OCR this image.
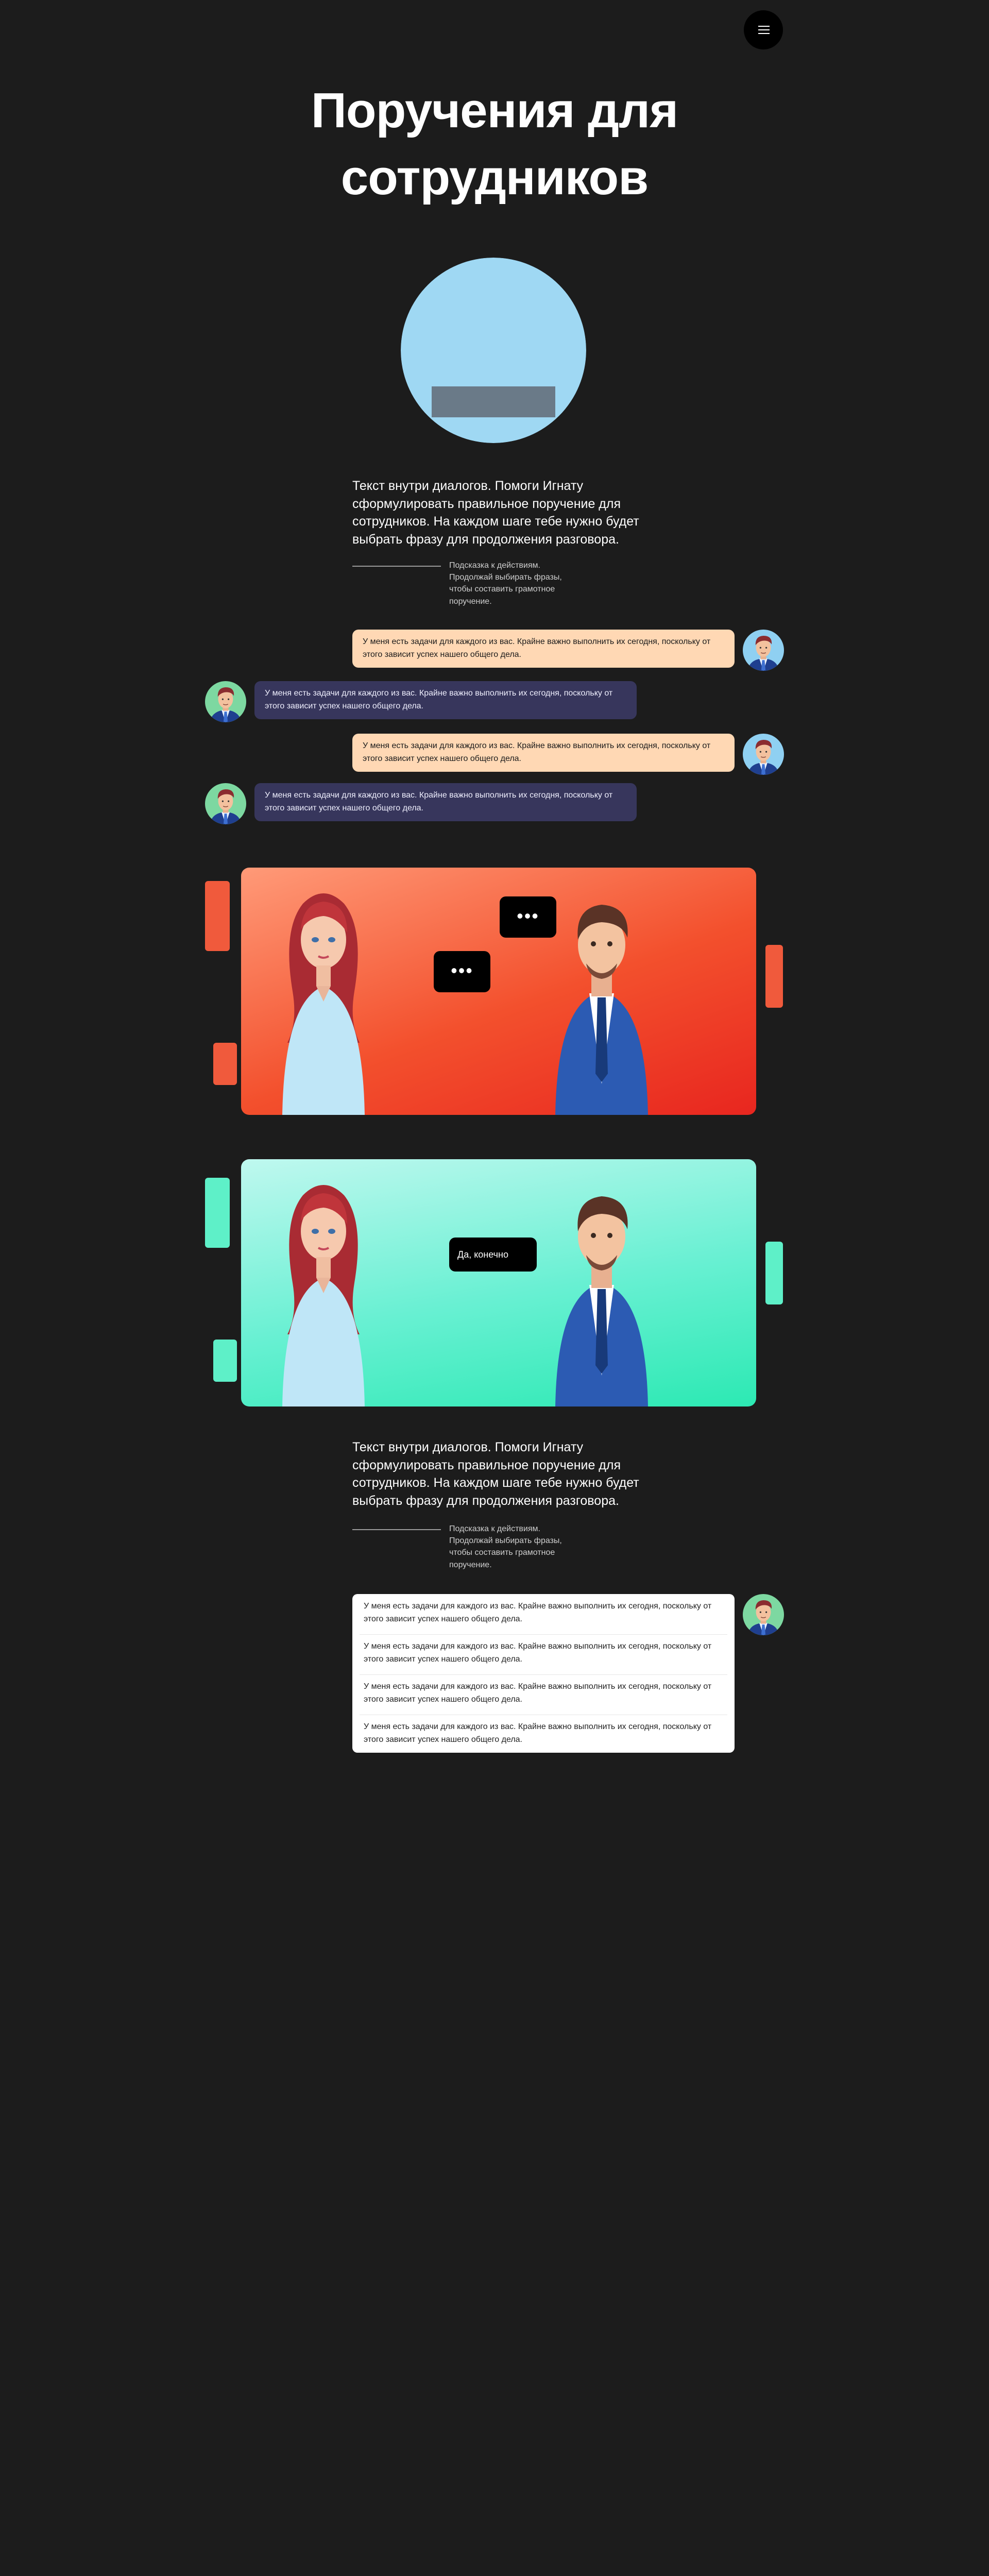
Поручения для сотрудников
Текст внутри диалогов. Помоги Игнату сформулировать правильное поручение для сотрудников. На каждом шаге тебе нужно будет выбрать фразу для продолжения разговора.
Подсказка к действиям. Продолжай выбирать фразы, чтобы составить грамотное поручение.
У меня есть задачи для каждого из вас. Крайне важно выполнить их сегодня, поскольку от этого зависит успех нашего общего дела.
У меня есть задачи для каждого из вас. Крайне важно выполнить их сегодня, поскольку от этого зависит успех нашего общего дела.
У меня есть задачи для каждого из вас. Крайне важно выполнить их сегодня, поскольку от этого зависит успех нашего общего дела.
У меня есть задачи для каждого из вас. Крайне важно выполнить их сегодня, поскольку от этого зависит успех нашего общего дела.
•••
•••
Да, конечно
Текст внутри диалогов. Помоги Игнату сформулировать правильное поручение для сотрудников. На каждом шаге тебе нужно будет выбрать фразу для продолжения разговора.
Подсказка к действиям. Продолжай выбирать фразы, чтобы составить грамотное поручение.
У меня есть задачи для каждого из вас. Крайне важно выполнить их сегодня, поскольку от этого зависит успех нашего общего дела.
У меня есть задачи для каждого из вас. Крайне важно выполнить их сегодня, поскольку от этого зависит успех нашего общего дела.
У меня есть задачи для каждого из вас. Крайне важно выполнить их сегодня, поскольку от этого зависит успех нашего общего дела.
У меня есть задачи для каждого из вас. Крайне важно выполнить их сегодня, поскольку от этого зависит успех нашего общего дела.
